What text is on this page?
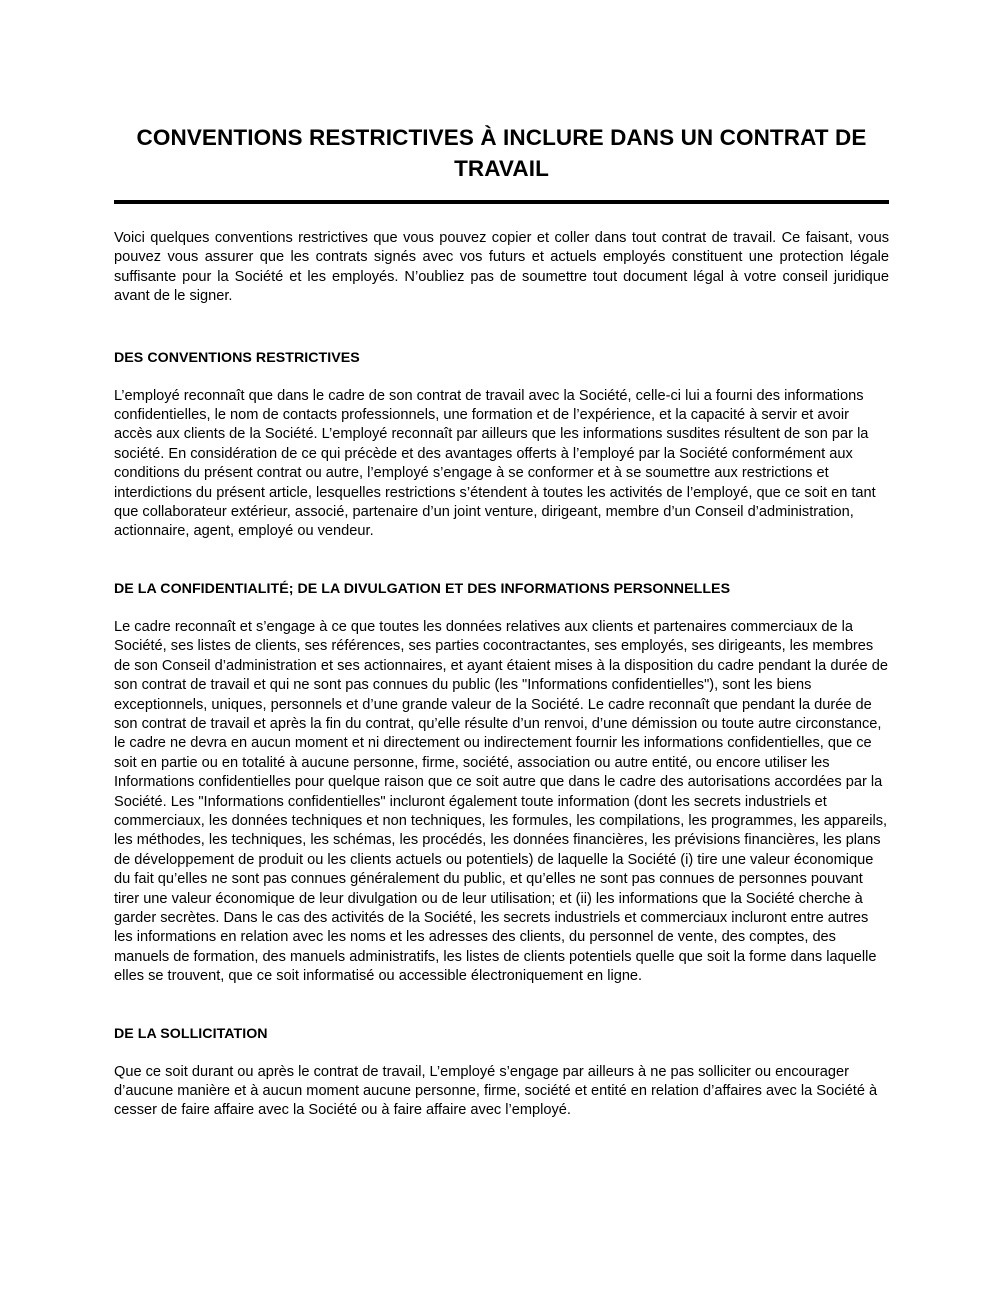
CONVENTIONS RESTRICTIVES À INCLURE DANS UN CONTRAT DE TRAVAIL

Voici quelques conventions restrictives que vous pouvez copier et coller dans tout contrat de travail. Ce faisant, vous pouvez vous assurer que les contrats signés avec vos futurs et actuels employés constituent une protection légale suffisante pour la Société et les employés. N’oubliez pas de soumettre tout document légal à votre conseil juridique avant de le signer.

DES CONVENTIONS RESTRICTIVES

L’employé reconnaît que dans le cadre de son contrat de travail avec la Société, celle-ci lui a fourni des informations confidentielles, le nom de contacts professionnels, une formation et de l’expérience, et la capacité à servir et avoir accès aux clients de la Société. L’employé reconnaît par ailleurs que les informations susdites résultent de son par la société. En considération de ce qui précède et des avantages offerts à l’employé par la Société conformément aux conditions du présent contrat ou autre, l’employé s’engage à se conformer et à se soumettre aux restrictions et interdictions du présent article, lesquelles restrictions s’étendent à toutes les activités de l’employé, que ce soit en tant que collaborateur extérieur, associé, partenaire d’un joint venture, dirigeant, membre d’un Conseil d’administration, actionnaire, agent, employé ou vendeur.

DE LA CONFIDENTIALITÉ; DE LA DIVULGATION ET DES INFORMATIONS PERSONNELLES

Le cadre reconnaît et s’engage à ce que toutes les données relatives aux clients et partenaires commerciaux de la Société, ses listes de clients, ses références, ses parties cocontractantes, ses employés, ses dirigeants, les membres de son Conseil d’administration et ses actionnaires, et ayant étaient mises à la disposition du cadre pendant la durée de son contrat de travail et qui ne sont pas connues du public (les "Informations confidentielles"), sont les biens exceptionnels, uniques, personnels et d’une grande valeur de la Société. Le cadre reconnaît que pendant la durée de son contrat de travail et après la fin du contrat, qu’elle résulte d’un renvoi, d’une démission ou toute autre circonstance, le cadre ne devra en aucun moment et ni directement ou indirectement fournir les informations confidentielles, que ce soit en partie ou en totalité à aucune personne, firme, société, association ou autre entité, ou encore utiliser les Informations confidentielles pour quelque raison que ce soit autre que dans le cadre des autorisations accordées par la Société. Les "Informations confidentielles" incluront également toute information (dont les secrets industriels et commerciaux, les données techniques et non techniques, les formules, les compilations, les programmes, les appareils, les méthodes, les techniques, les schémas, les procédés, les données financières, les prévisions financières, les plans de développement de produit ou les clients actuels ou potentiels) de laquelle la Société (i) tire une valeur économique du fait qu’elles ne sont pas connues généralement du public, et qu’elles ne sont pas connues de personnes pouvant tirer une valeur économique de leur divulgation ou de leur utilisation; et (ii) les informations que la Société cherche à  garder secrètes. Dans le cas des activités de la Société, les secrets industriels et commerciaux incluront entre autres les informations en relation avec les noms et les adresses des clients, du personnel de vente, des comptes, des manuels de formation, des manuels administratifs, les listes de clients potentiels quelle que soit la forme dans laquelle elles se trouvent, que ce soit informatisé ou accessible électroniquement en ligne.

DE LA SOLLICITATION

Que ce soit durant ou après le contrat de travail, L’employé s’engage par ailleurs à ne pas solliciter ou encourager d’aucune manière et à aucun moment aucune personne, firme, société et entité en relation d’affaires avec la Société à cesser de faire affaire avec la Société ou à faire affaire avec l’employé.
